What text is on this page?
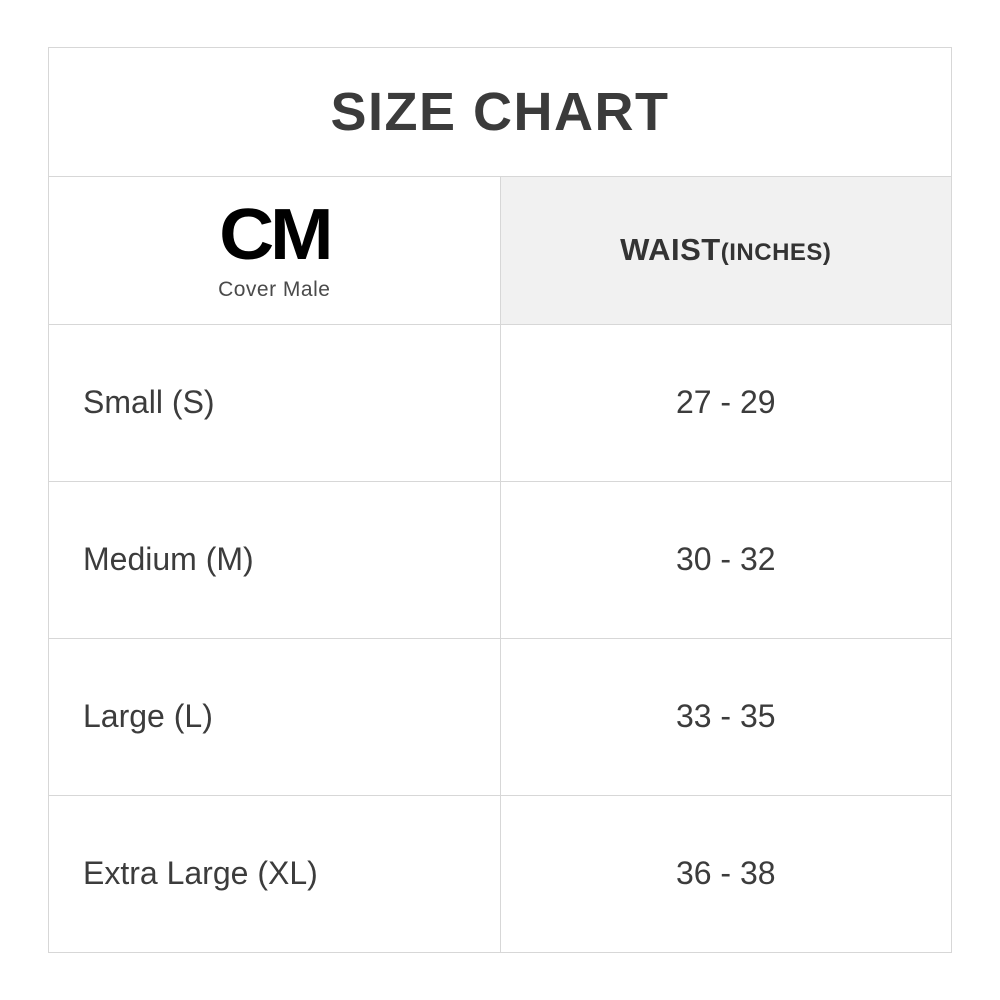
SIZE CHART	

CM
Cover Male	WAIST(INCHES)
Small (S)	27 - 29
Medium (M)	30 - 32
Large (L)	33 - 35
Extra Large (XL)	36 - 38
